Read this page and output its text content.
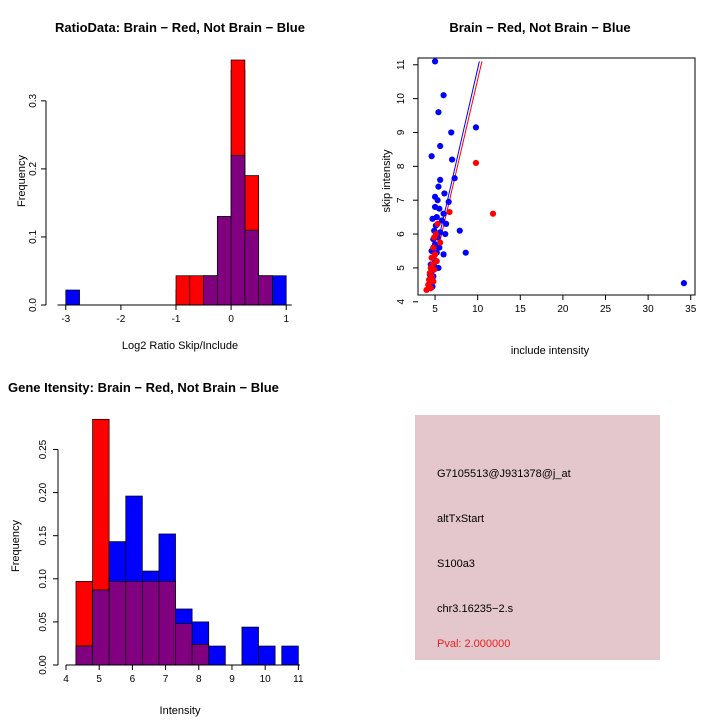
RatioData: Brain − Red, Not Brain − Blue
Frequency
Log2 Ratio Skip/Include
-3	-2	-1	0	1
0.0
0.1
0.2
0.3
Brain − Red, Not Brain − Blue
skip intensity
include intensity
5	10	15	20	25	30	35
4
5
6
7
8
9
10
11
Gene Itensity: Brain − Red, Not Brain − Blue
Frequency
Intensity
4	5	6	7	8	9 10 11
0.00
0.05
0.10
0.15
0.20
0.25
G7105513@J931378@j_at
altTxStart
S100a3
chr3.16235−2.s
Pval: 2.000000
